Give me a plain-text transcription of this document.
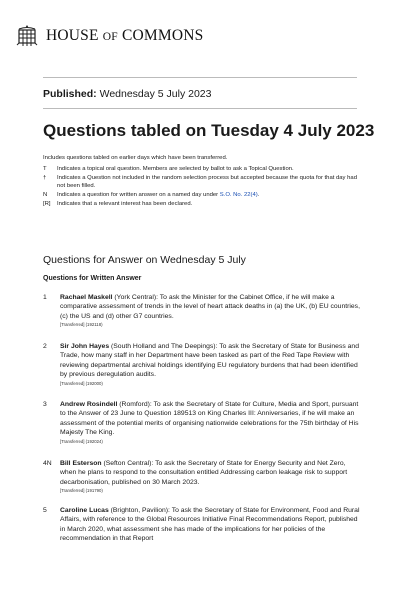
HOUSE OF COMMONS
Published: Wednesday 5 July 2023
Questions tabled on Tuesday 4 July 2023
Includes questions tabled on earlier days which have been transferred.
T	Indicates a topical oral question. Members are selected by ballot to ask a Topical Question.
†	Indicates a Question not included in the random selection process but accepted because the quota for that day had not been filled.
N	Indicates a question for written answer on a named day under S.O. No. 22(4).
[R]	Indicates that a relevant interest has been declared.
Questions for Answer on Wednesday 5 July
Questions for Written Answer
1	Rachael Maskell (York Central): To ask the Minister for the Cabinet Office, if he will make a comparative assessment of trends in the level of heart attack deaths in (a) the UK, (b) EU countries, (c) the US and (d) other G7 countries.
[Transferred] (192118)
2	Sir John Hayes (South Holland and The Deepings): To ask the Secretary of State for Business and Trade, how many staff in her Department have been tasked as part of the Red Tape Review with reviewing departmental archival holdings identifying EU regulatory burdens that had been identified by previous deregulation audits.
[Transferred] (192000)
3	Andrew Rosindell (Romford): To ask the Secretary of State for Culture, Media and Sport, pursuant to the Answer of 23 June to Question 189513 on King Charles III: Anniversaries, if he will make an assessment of the potential merits of organising nationwide celebrations for the 75th birthday of His Majesty The King.
[Transferred] (192024)
4N	Bill Esterson (Sefton Central): To ask the Secretary of State for Energy Security and Net Zero, when he plans to respond to the consultation entitled Addressing carbon leakage risk to support decarbonisation, published on 30 March 2023.
[Transferred] (191790)
5	Caroline Lucas (Brighton, Pavilion): To ask the Secretary of State for Environment, Food and Rural Affairs, with reference to the Global Resources Initiative Final Recommendations Report, published in March 2020, what assessment she has made of the implications for her policies of the recommendation in that Report
